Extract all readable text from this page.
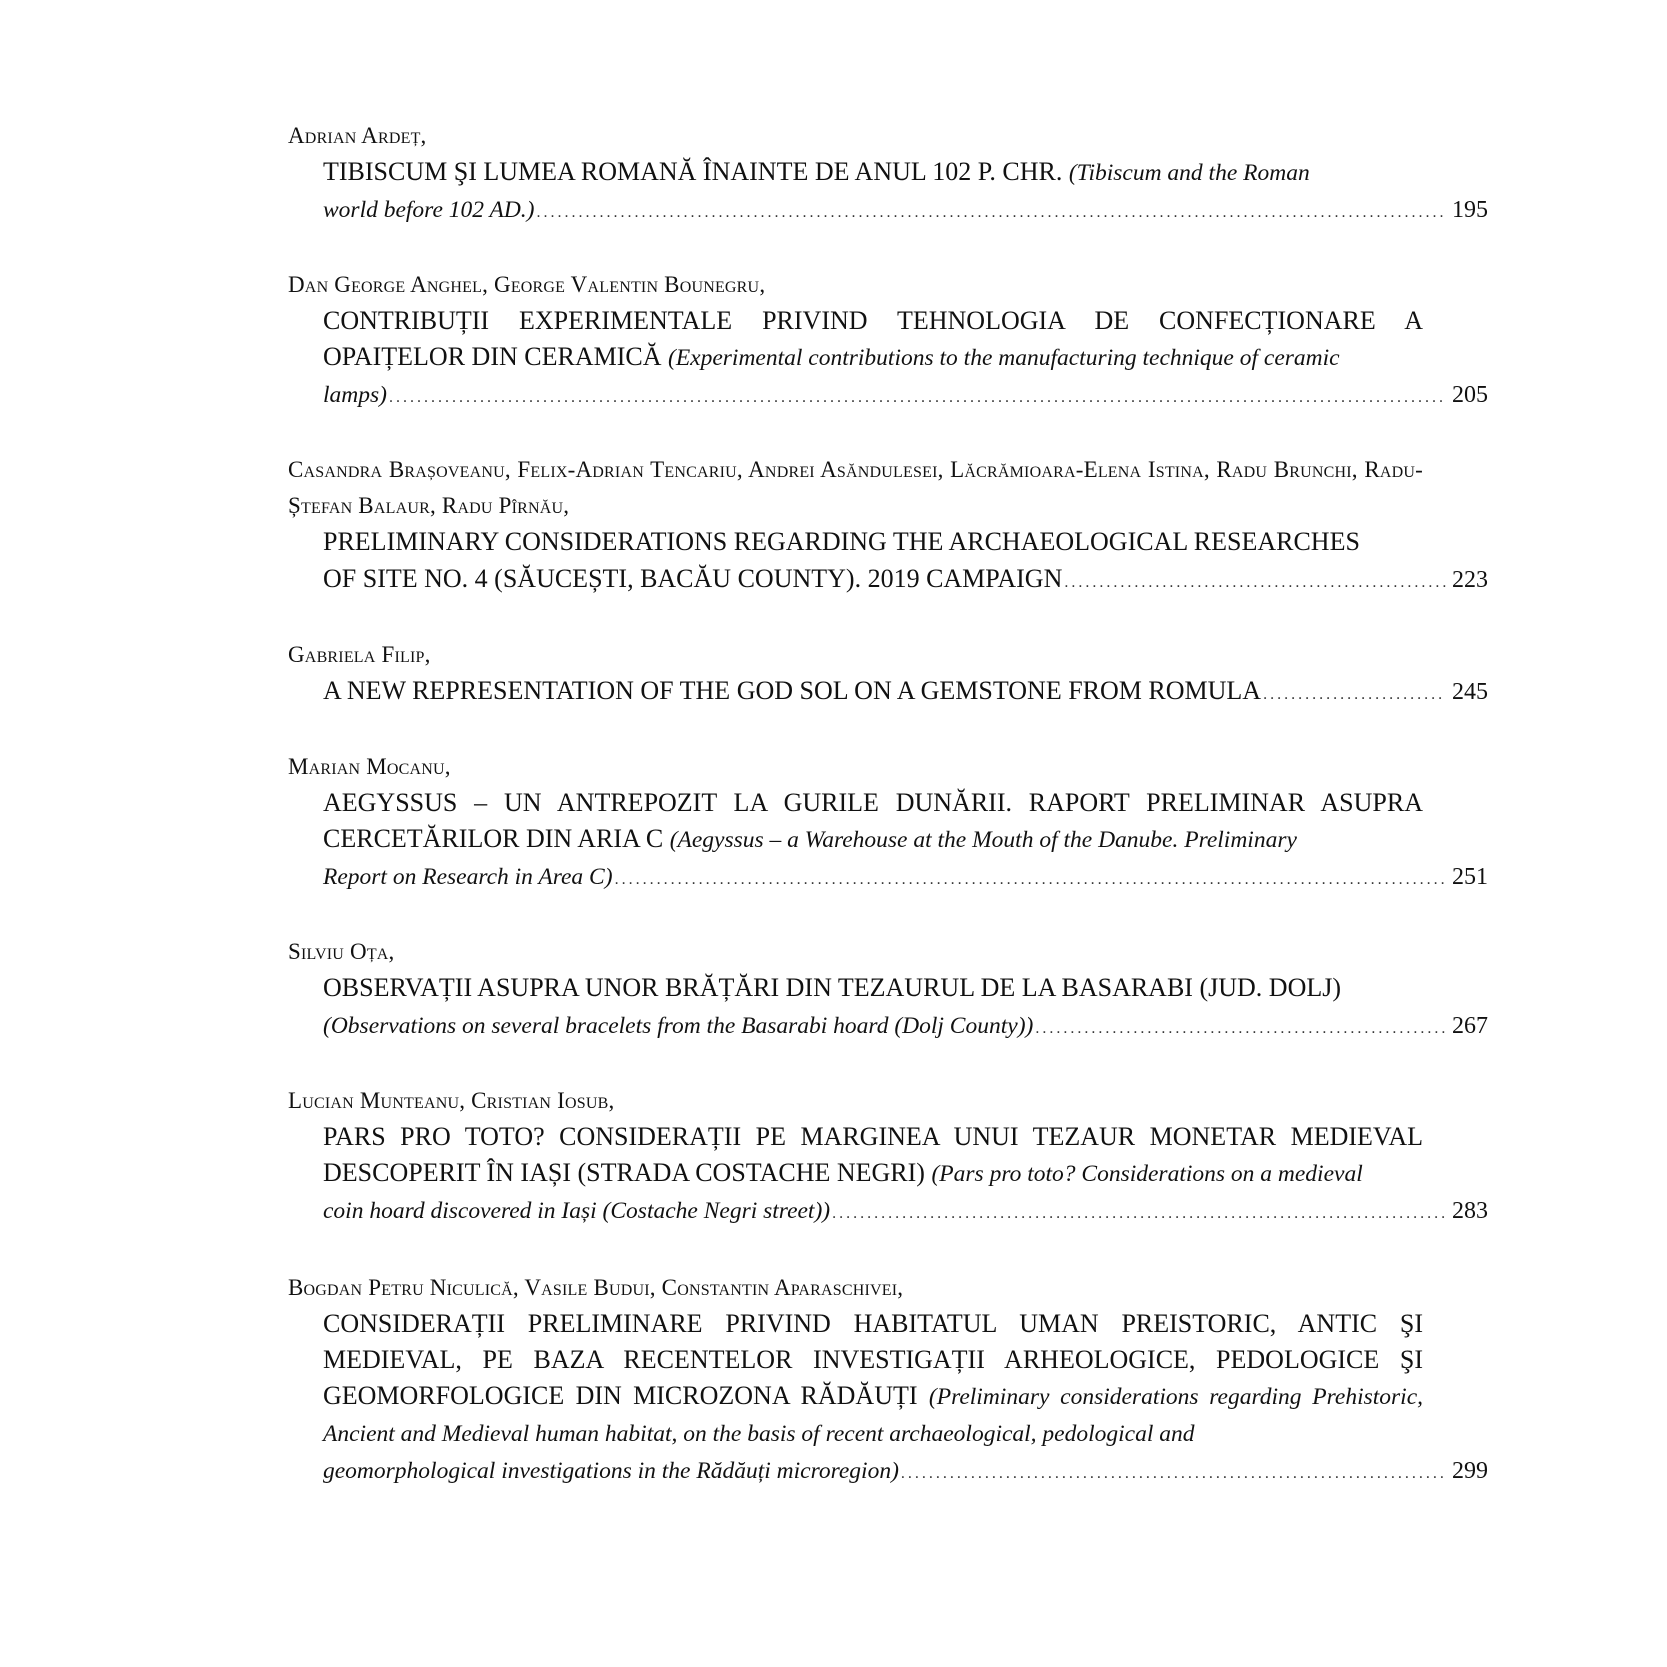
Adrian Ardeț,
TIBISCUM ŞI LUMEA ROMANĂ ÎNAINTE DE ANUL 102 P. CHR. (Tibiscum and the Roman
world before 102 AD.) .....	195
Dan George Anghel, George Valentin Bounegru,
CONTRIBUȚII EXPERIMENTALE PRIVIND TEHNOLOGIA DE CONFECȚIONARE A OPAIȚELOR DIN CERAMICĂ (Experimental contributions to the manufacturing technique of ceramic
lamps) .....	205
Casandra Brașoveanu, Felix-Adrian Tencariu, Andrei Asăndulesei, Lăcrămioara-Elena Istina, Radu Brunchi, Radu-Ștefan Balaur, Radu Pîrnău,
PRELIMINARY CONSIDERATIONS REGARDING THE ARCHAEOLOGICAL RESEARCHES
OF SITE NO. 4 (SĂUCEȘTI, BACĂU COUNTY). 2019 CAMPAIGN .....	223
Gabriela Filip,
A NEW REPRESENTATION OF THE GOD SOL ON A GEMSTONE FROM ROMULA .....	245
Marian Mocanu,
AEGYSSUS – UN ANTREPOZIT LA GURILE DUNĂRII. RAPORT PRELIMINAR ASUPRA CERCETĂRILOR DIN ARIA C (Aegyssus – a Warehouse at the Mouth of the Danube. Preliminary
Report on Research in Area C) .....	251
Silviu Oța,
OBSERVAȚII ASUPRA UNOR BRĂȚĂRI DIN TEZAURUL DE LA BASARABI (JUD. DOLJ)
(Observations on several bracelets from the Basarabi hoard (Dolj County)) .....	267
Lucian Munteanu, Cristian Iosub,
PARS PRO TOTO? CONSIDERAȚII PE MARGINEA UNUI TEZAUR MONETAR MEDIEVAL DESCOPERIT ÎN IAȘI (STRADA COSTACHE NEGRI) (Pars pro toto? Considerations on a medieval
coin hoard discovered in Iași (Costache Negri street)) .....	283
Bogdan Petru Niculică, Vasile Budui, Constantin Aparaschivei,
CONSIDERAȚII PRELIMINARE PRIVIND HABITATUL UMAN PREISTORIC, ANTIC ŞI MEDIEVAL, PE BAZA RECENTELOR INVESTIGAȚII ARHEOLOGICE, PEDOLOGICE ŞI GEOMORFOLOGICE DIN MICROZONA RĂDĂUȚI (Preliminary considerations regarding Prehistoric, Ancient and Medieval human habitat, on the basis of recent archaeological, pedological and
geomorphological investigations in the Rădăuți microregion) .....	299
